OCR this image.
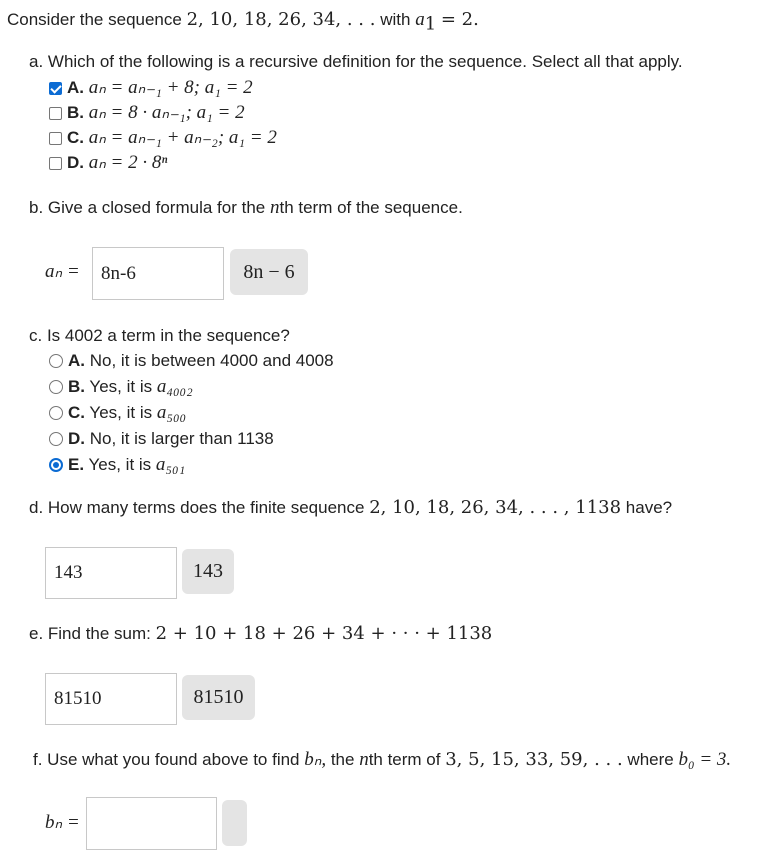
Consider the sequence 2, 10, 18, 26, 34, . . . with $a_1 = 2$.
a. Which of the following is a recursive definition for the sequence. Select all that apply.
A. aₙ = aₙ₋₁ + 8; a₁ = 2
B. aₙ = 8 · aₙ₋₁; a₁ = 2
C. aₙ = aₙ₋₁ + aₙ₋₂; a₁ = 2
D. aₙ = 2 · 8ⁿ
b. Give a closed formula for the nth term of the sequence.
aₙ =	8n-6	8n − 6
c. Is 4002 a term in the sequence?
A. No, it is between 4000 and 4008
B. Yes, it is a₄₀₀₂
C. Yes, it is a₅₀₀
D. No, it is larger than 1138
E. Yes, it is a₅₀₁
d. How many terms does the finite sequence 2, 10, 18, 26, 34, . . . , 1138 have?
143	143
e. Find the sum: 2 + 10 + 18 + 26 + 34 + · · · + 1138
81510	81510
f. Use what you found above to find bₙ, the nth term of 3, 5, 15, 33, 59, . . . where b₀ = 3.
bₙ =
